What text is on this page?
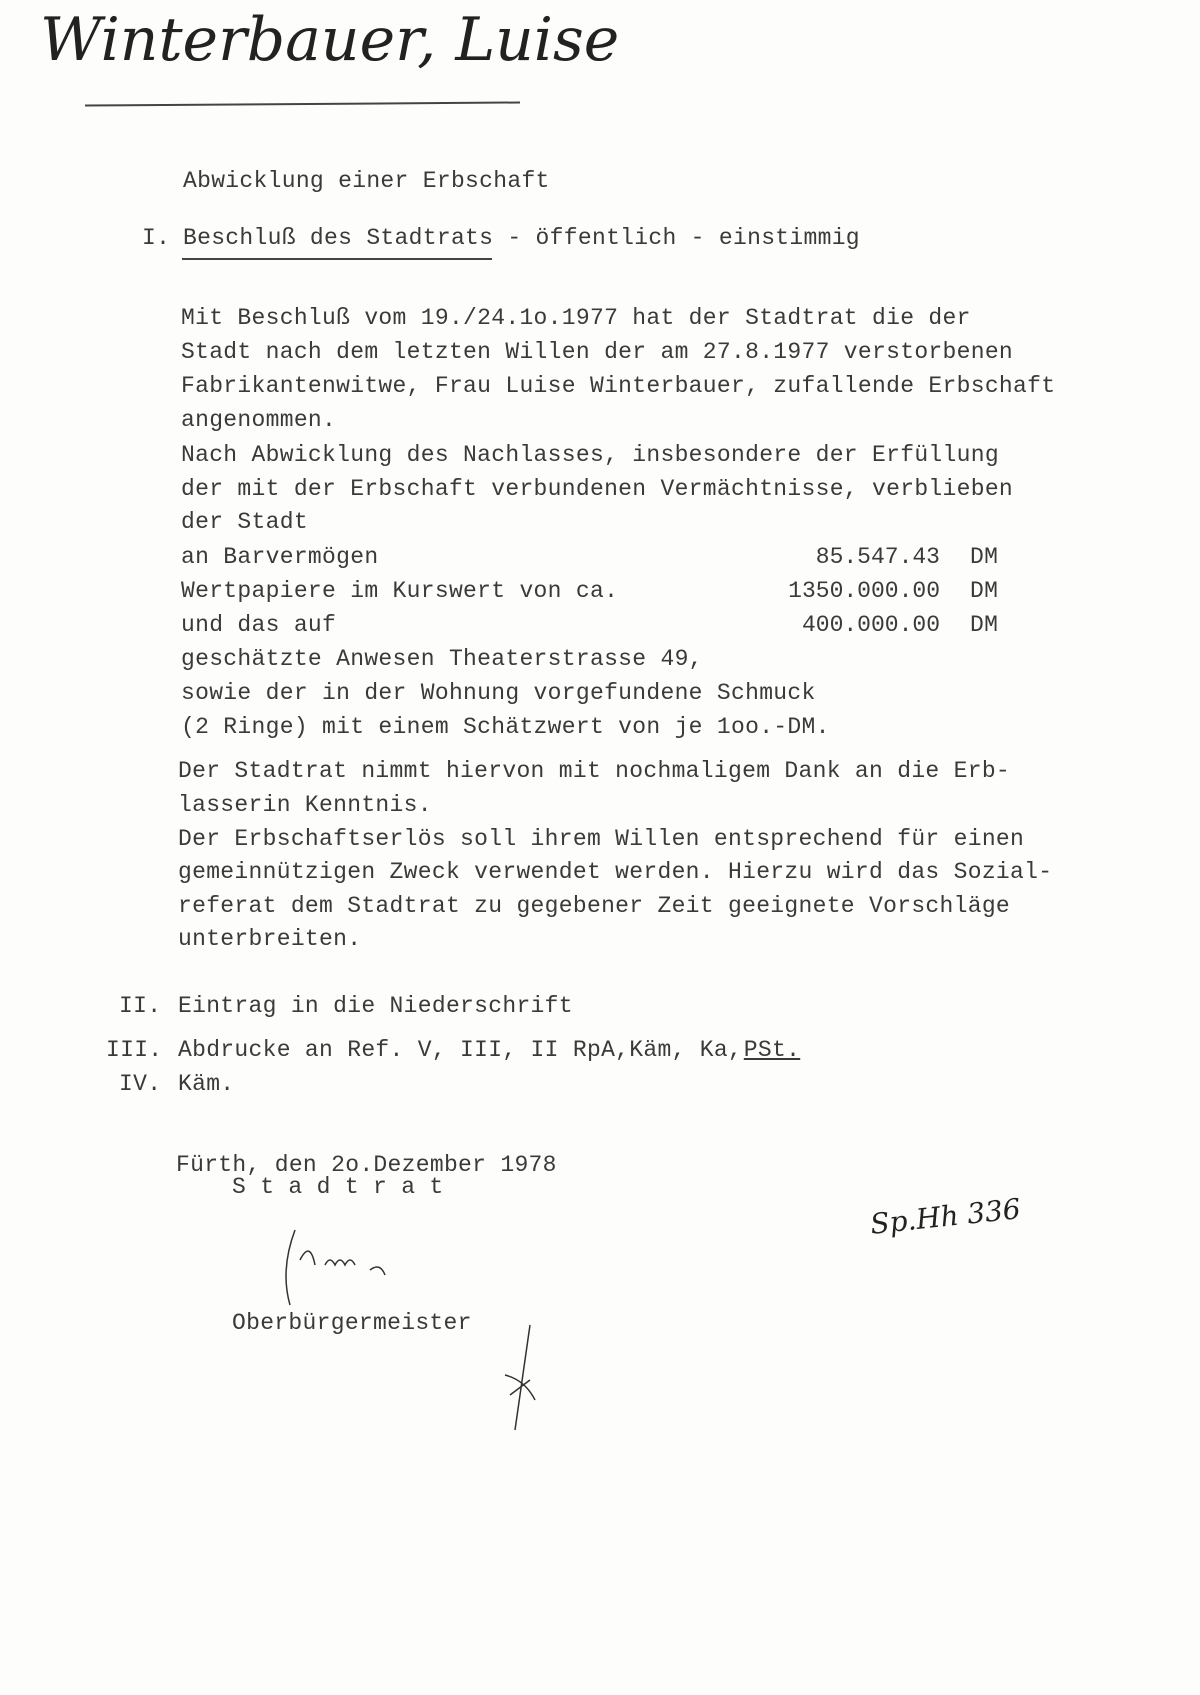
Winterbauer, Luise
Sp.Hh 336
Abwicklung einer Erbschaft
I. Beschluß des Stadtrats - öffentlich - einstimmig
Mit Beschluß vom 19./24.1o.1977 hat der Stadtrat die der
Stadt nach dem letzten Willen der am 27.8.1977 verstorbenen
Fabrikantenwitwe, Frau Luise Winterbauer, zufallende Erbschaft
angenommen.
Nach Abwicklung des Nachlasses, insbesondere der Erfüllung
der mit der Erbschaft verbundenen Vermächtnisse, verblieben
der Stadt
an Barvermögen	85.547.43 DM
Wertpapiere im Kurswert von ca.	1350.000.00 DM
und das auf	400.000.00 DM
geschätzte Anwesen Theaterstrasse 49,
sowie der in der Wohnung vorgefundene Schmuck
(2 Ringe) mit einem Schätzwert von je 1oo.-DM.
Der Stadtrat nimmt hiervon mit nochmaligem Dank an die Erb-
lasserin Kenntnis.
Der Erbschaftserlös soll ihrem Willen entsprechend für einen
gemeinnützigen Zweck verwendet werden. Hierzu wird das Sozial-
referat dem Stadtrat zu gegebener Zeit geeignete Vorschläge
unterbreiten.
II. Eintrag in die Niederschrift
III. Abdrucke an Ref. V, III, II RpA,Käm, Ka, PSt.
IV. Käm.
Fürth, den 2o.Dezember 1978
S t a d t r a t
Oberbürgermeister
